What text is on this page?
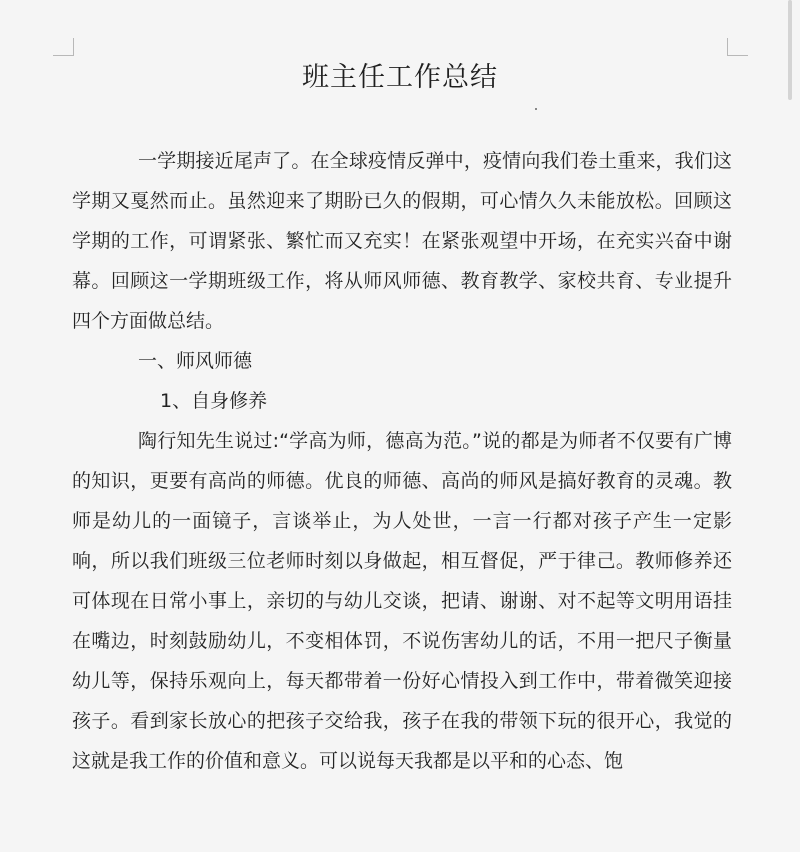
班主任工作总结

一学期接近尾声了。在全球疫情反弹中，疫情向我们卷土重来，我们这学期又戛然而止。虽然迎来了期盼已久的假期，可心情久久未能放松。回顾这学期的工作，可谓紧张、繁忙而又充实！在紧张观望中开场，在充实兴奋中谢幕。回顾这一学期班级工作，将从师风师德、教育教学、家校共育、专业提升四个方面做总结。

一、师风师德

1、自身修养

陶行知先生说过:“学高为师，德高为范。”说的都是为师者不仅要有广博的知识，更要有高尚的师德。优良的师德、高尚的师风是搞好教育的灵魂。教师是幼儿的一面镜子，言谈举止，为人处世，一言一行都对孩子产生一定影响，所以我们班级三位老师时刻以身做起，相互督促，严于律己。教师修养还可体现在日常小事上，亲切的与幼儿交谈，把请、谢谢、对不起等文明用语挂在嘴边，时刻鼓励幼儿，不变相体罚，不说伤害幼儿的话，不用一把尺子衡量幼儿等，保持乐观向上，每天都带着一份好心情投入到工作中，带着微笑迎接孩子。看到家长放心的把孩子交给我，孩子在我的带领下玩的很开心，我觉的这就是我工作的价值和意义。可以说每天我都是以平和的心态、饱
